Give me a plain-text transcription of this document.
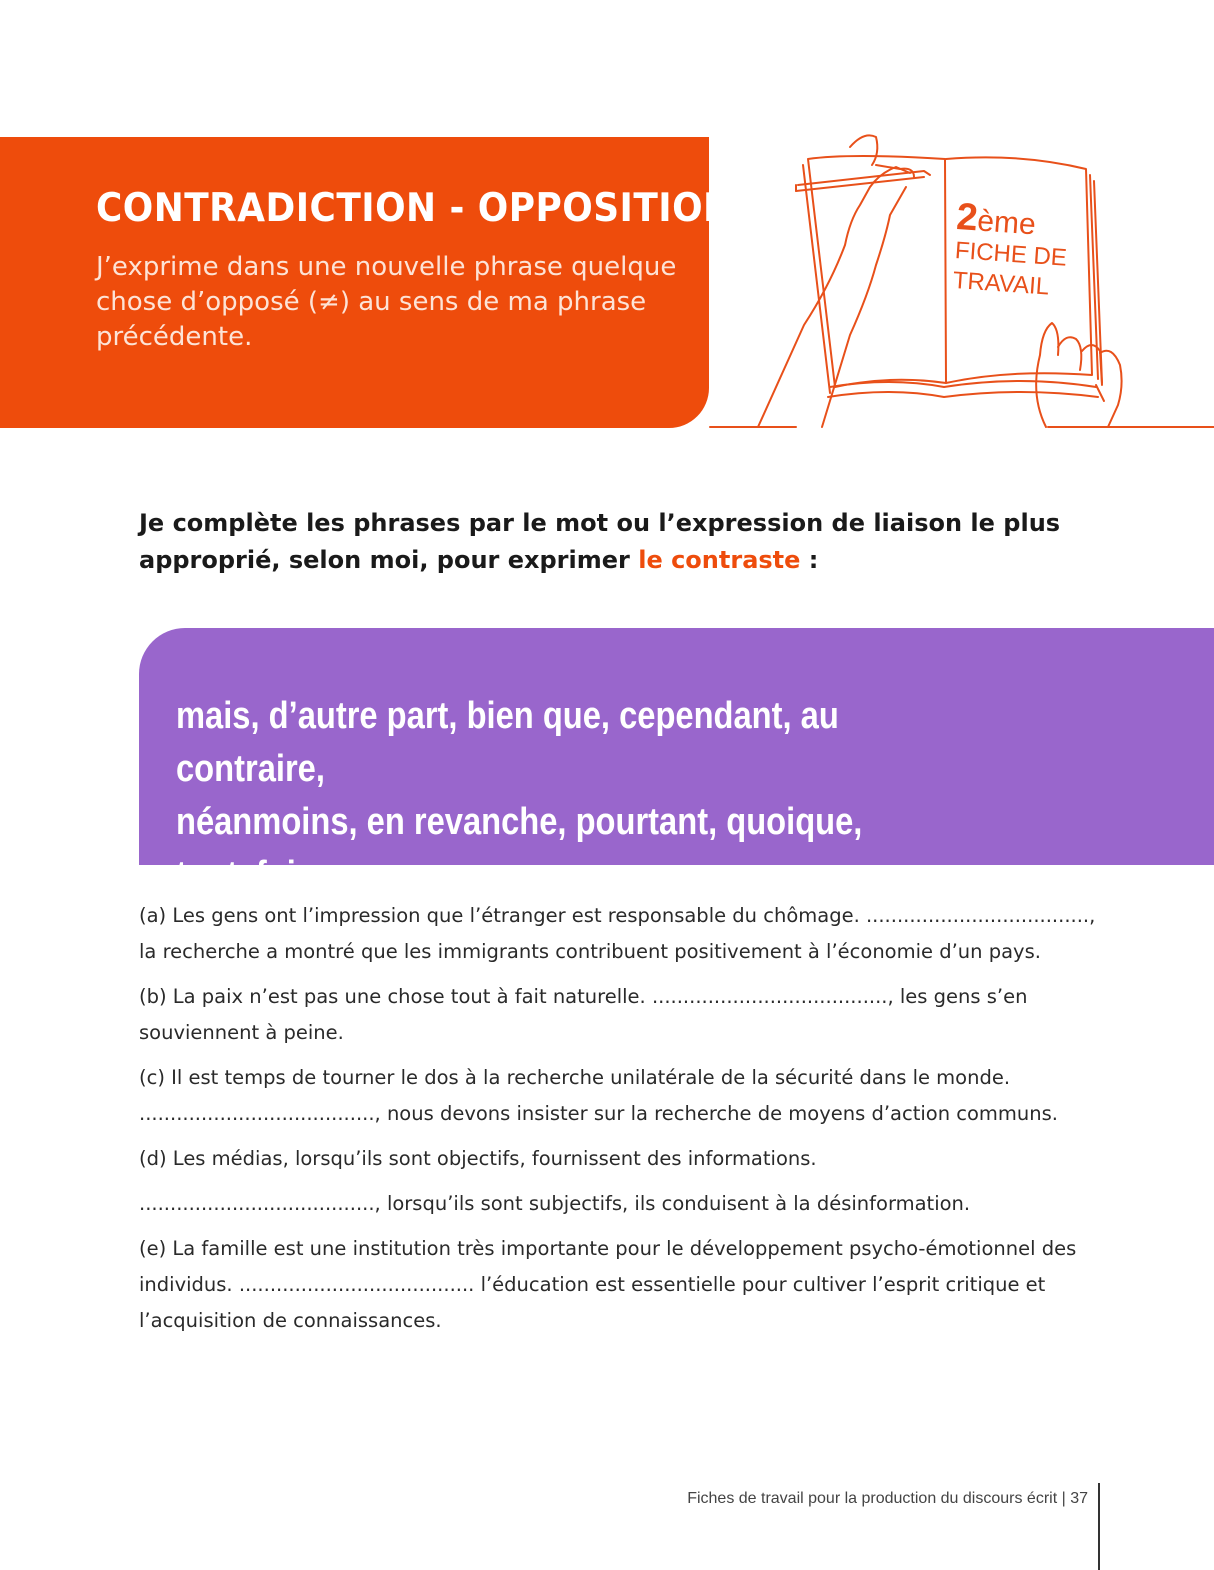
CONTRADICTION - OPPOSITION
J’exprime dans une nouvelle phrase quelque chose d’opposé (≠) au sens de ma phrase précédente.
2ème
FICHE DE TRAVAIL
Je complète les phrases par le mot ou l’expression de liaison le plus approprié, selon moi, pour exprimer le contraste :
mais, d’autre part, bien que, cependant, au contraire,
néanmoins, en revanche, pourtant, quoique, toutefois
(a) Les gens ont l’impression que l’étranger est responsable du chômage. ...................................., la recherche a montré que les immigrants contribuent positivement à l’économie d’un pays.
(b) La paix n’est pas une chose tout à fait naturelle. ......................................, les gens s’en souviennent à peine.
(c) Il est temps de tourner le dos à la recherche unilatérale de la sécurité dans le monde. ......................................, nous devons insister sur la recherche de moyens d’action communs.
(d) Les médias, lorsqu’ils sont objectifs, fournissent des informations.
......................................, lorsqu’ils sont subjectifs, ils conduisent à la désinformation.
(e) La famille est une institution très importante pour le développement psycho-émotionnel des individus. ...................................... l’éducation est essentielle pour cultiver l’esprit critique et l’acquisition de connaissances.
Fiches de travail pour la production du discours écrit | 37
